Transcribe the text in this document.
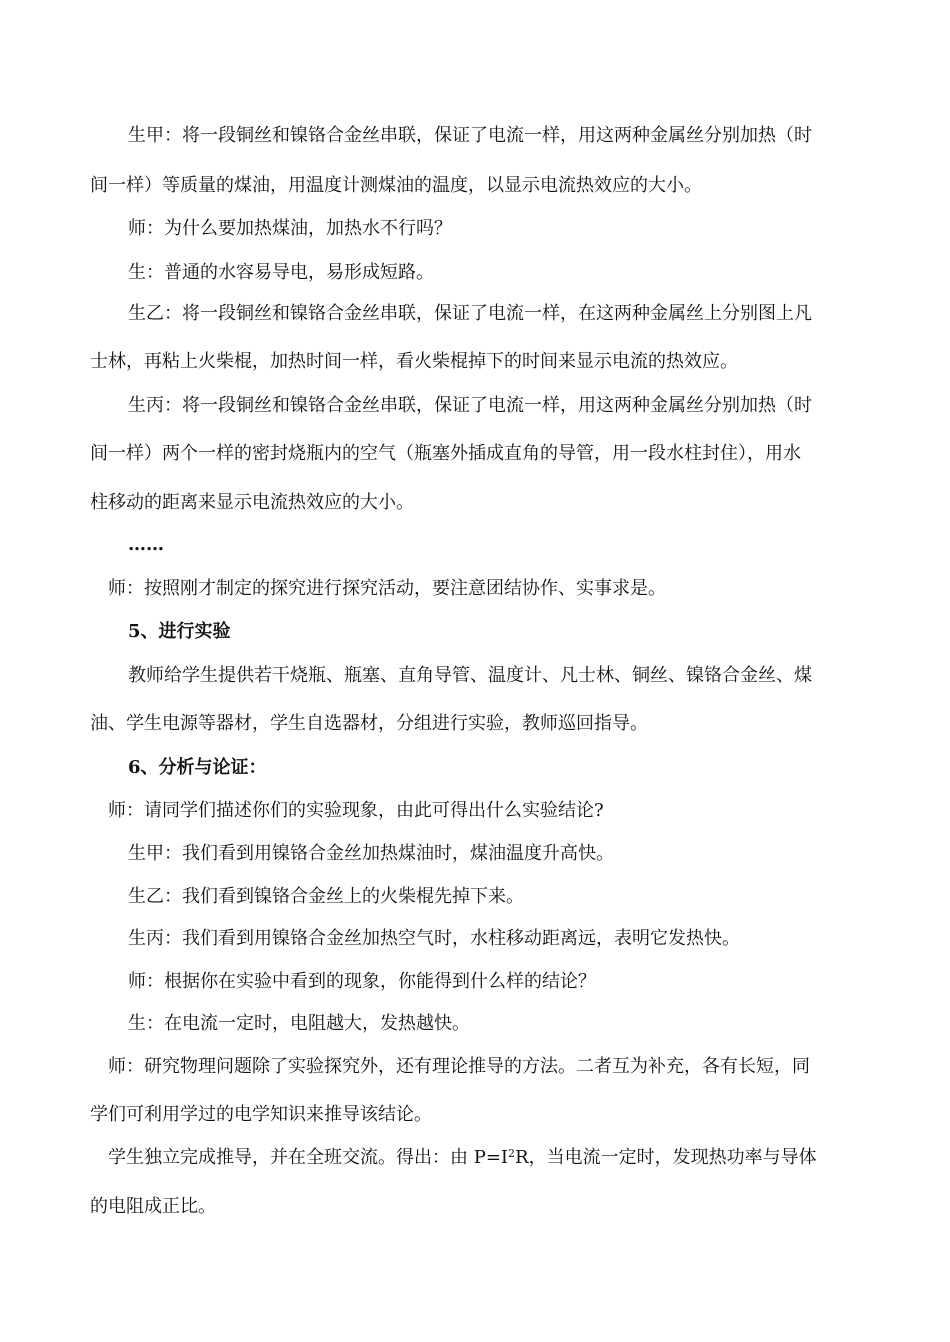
生甲：将一段铜丝和镍铬合金丝串联，保证了电流一样，用这两种金属丝分别加热（时
间一样）等质量的煤油，用温度计测煤油的温度，以显示电流热效应的大小。
师：为什么要加热煤油，加热水不行吗？
生：普通的水容易导电，易形成短路。
生乙：将一段铜丝和镍铬合金丝串联，保证了电流一样，在这两种金属丝上分别图上凡
士林，再粘上火柴棍，加热时间一样，看火柴棍掉下的时间来显示电流的热效应。
生丙：将一段铜丝和镍铬合金丝串联，保证了电流一样，用这两种金属丝分别加热（时
间一样）两个一样的密封烧瓶内的空气（瓶塞外插成直角的导管，用一段水柱封住），用水
柱移动的距离来显示电流热效应的大小。
……
师：按照刚才制定的探究进行探究活动，要注意团结协作、实事求是。
5、进行实验
教师给学生提供若干烧瓶、瓶塞、直角导管、温度计、凡士林、铜丝、镍铬合金丝、煤
油、学生电源等器材，学生自选器材，分组进行实验，教师巡回指导。
6、分析与论证：
师：请同学们描述你们的实验现象，由此可得出什么实验结论?
生甲：我们看到用镍铬合金丝加热煤油时，煤油温度升高快。
生乙：我们看到镍铬合金丝上的火柴棍先掉下来。
生丙：我们看到用镍铬合金丝加热空气时，水柱移动距离远，表明它发热快。
师：根据你在实验中看到的现象，你能得到什么样的结论？
生：在电流一定时，电阻越大，发热越快。
师：研究物理问题除了实验探究外，还有理论推导的方法。二者互为补充，各有长短，同
学们可利用学过的电学知识来推导该结论。
学生独立完成推导，并在全班交流。得出：由 $P=I^2R$，当电流一定时，发现热功率与导体
的电阻成正比。
